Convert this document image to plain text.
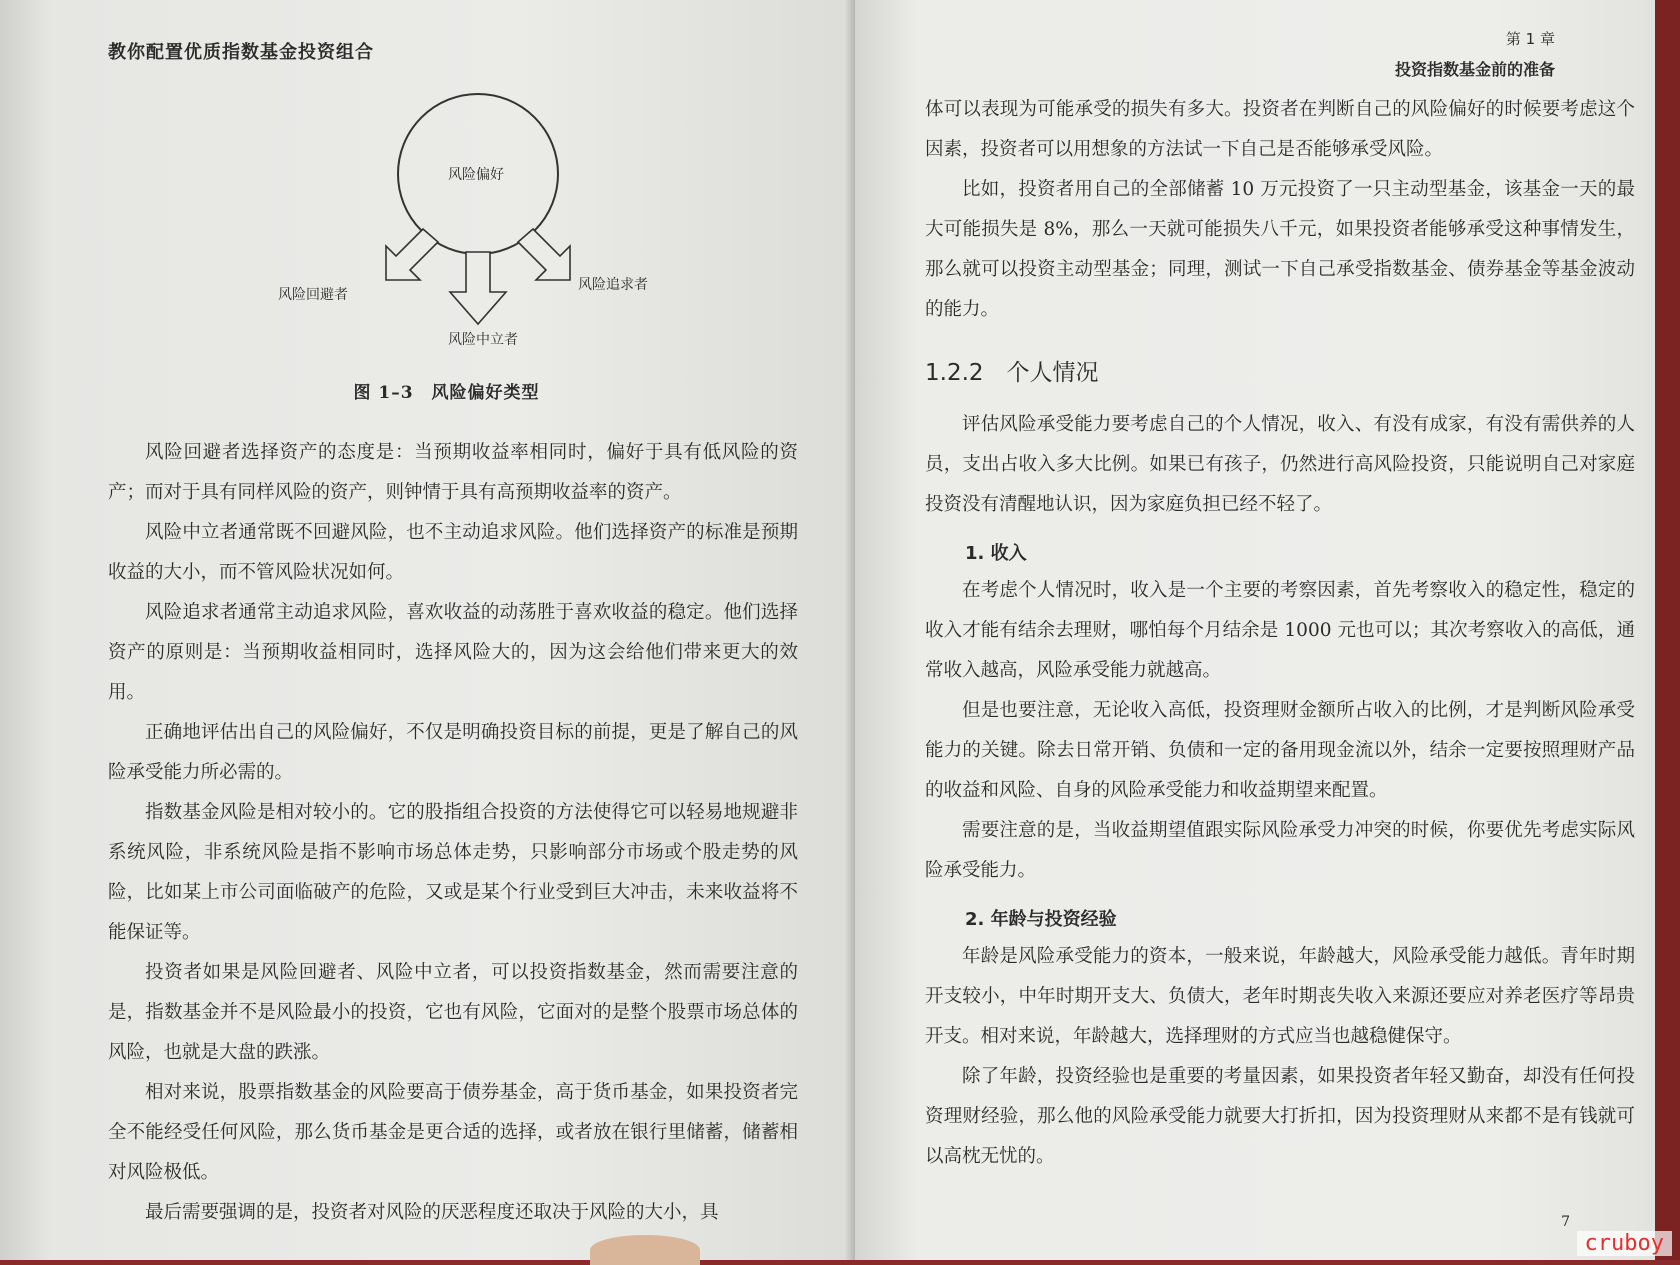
教你配置优质指数基金投资组合
风险偏好
风险回避者
风险中立者
风险追求者
图 1–3　风险偏好类型

风险回避者选择资产的态度是：当预期收益率相同时，偏好于具有低风险的资产；而对于具有同样风险的资产，则钟情于具有高预期收益率的资产。

风险中立者通常既不回避风险，也不主动追求风险。他们选择资产的标准是预期收益的大小，而不管风险状况如何。

风险追求者通常主动追求风险，喜欢收益的动荡胜于喜欢收益的稳定。他们选择资产的原则是：当预期收益相同时，选择风险大的，因为这会给他们带来更大的效用。

正确地评估出自己的风险偏好，不仅是明确投资目标的前提，更是了解自己的风险承受能力所必需的。

指数基金风险是相对较小的。它的股指组合投资的方法使得它可以轻易地规避非系统风险，非系统风险是指不影响市场总体走势，只影响部分市场或个股走势的风险，比如某上市公司面临破产的危险，又或是某个行业受到巨大冲击，未来收益将不能保证等。

投资者如果是风险回避者、风险中立者，可以投资指数基金，然而需要注意的是，指数基金并不是风险最小的投资，它也有风险，它面对的是整个股票市场总体的风险，也就是大盘的跌涨。

相对来说，股票指数基金的风险要高于债券基金，高于货币基金，如果投资者完全不能经受任何风险，那么货币基金是更合适的选择，或者放在银行里储蓄，储蓄相对风险极低。

最后需要强调的是，投资者对风险的厌恶程度还取决于风险的大小，具

第 1 章
投资指数基金前的准备

体可以表现为可能承受的损失有多大。投资者在判断自己的风险偏好的时候要考虑这个因素，投资者可以用想象的方法试一下自己是否能够承受风险。

比如，投资者用自己的全部储蓄 10 万元投资了一只主动型基金，该基金一天的最大可能损失是 8%，那么一天就可能损失八千元，如果投资者能够承受这种事情发生，那么就可以投资主动型基金；同理，测试一下自己承受指数基金、债券基金等基金波动的能力。

1.2.2　个人情况

评估风险承受能力要考虑自己的个人情况，收入、有没有成家，有没有需供养的人员，支出占收入多大比例。如果已有孩子，仍然进行高风险投资，只能说明自己对家庭投资没有清醒地认识，因为家庭负担已经不轻了。

1. 收入

在考虑个人情况时，收入是一个主要的考察因素，首先考察收入的稳定性，稳定的收入才能有结余去理财，哪怕每个月结余是 1000 元也可以；其次考察收入的高低，通常收入越高，风险承受能力就越高。

但是也要注意，无论收入高低，投资理财金额所占收入的比例，才是判断风险承受能力的关键。除去日常开销、负债和一定的备用现金流以外，结余一定要按照理财产品的收益和风险、自身的风险承受能力和收益期望来配置。

需要注意的是，当收益期望值跟实际风险承受力冲突的时候，你要优先考虑实际风险承受能力。

2. 年龄与投资经验

年龄是风险承受能力的资本，一般来说，年龄越大，风险承受能力越低。青年时期开支较小，中年时期开支大、负债大，老年时期丧失收入来源还要应对养老医疗等昂贵开支。相对来说，年龄越大，选择理财的方式应当也越稳健保守。

除了年龄，投资经验也是重要的考量因素，如果投资者年轻又勤奋，却没有任何投资理财经验，那么他的风险承受能力就要大打折扣，因为投资理财从来都不是有钱就可以高枕无忧的。

7
cruboy
